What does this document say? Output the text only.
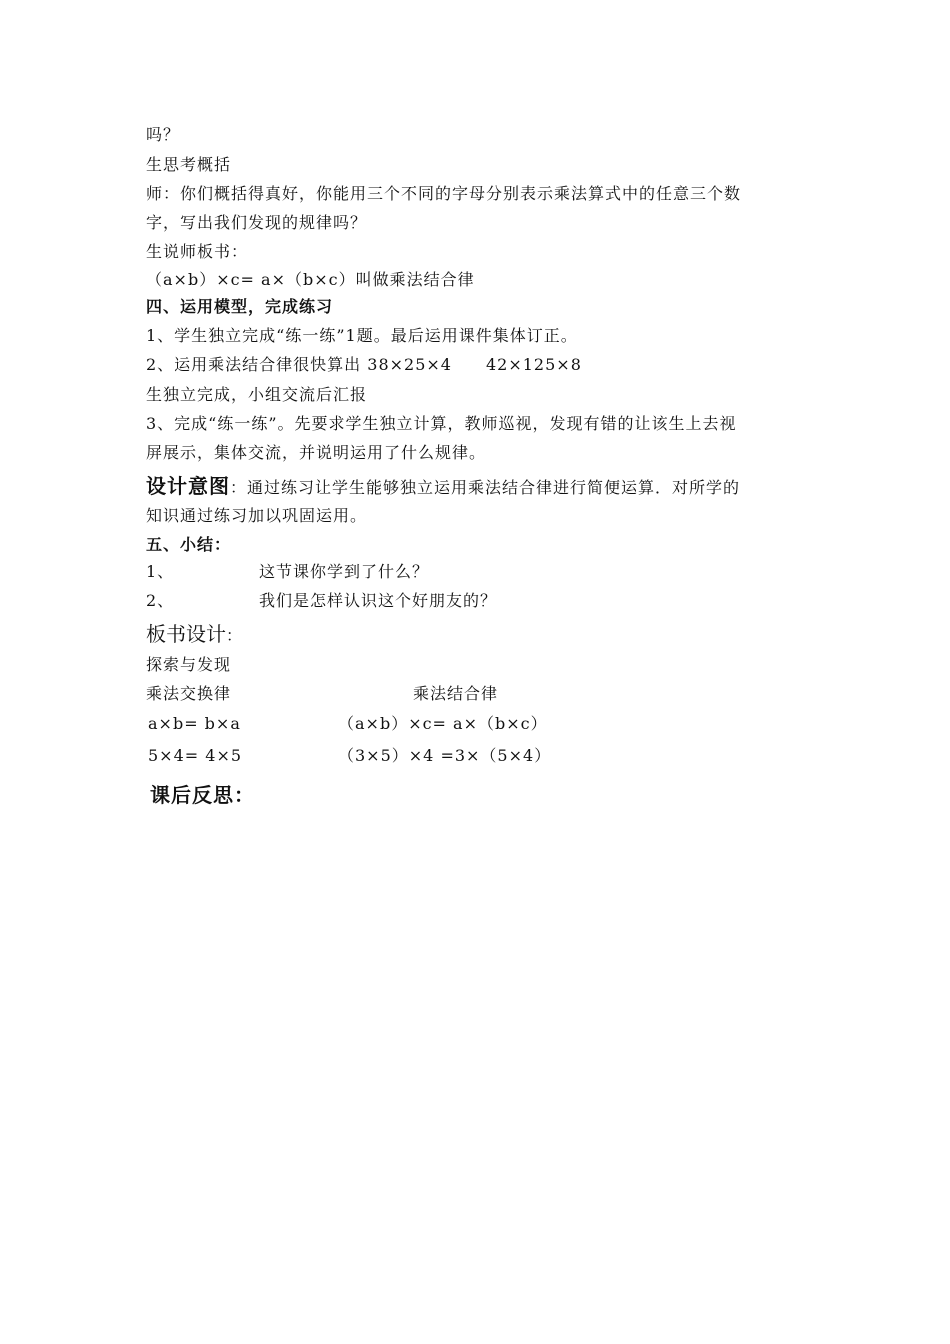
吗？
生思考概括
师：你们概括得真好，你能用三个不同的字母分别表示乘法算式中的任意三个数
字，写出我们发现的规律吗？
生说师板书：
（a×b）×c= a×（b×c）叫做乘法结合律
四、运用模型，完成练习
1、学生独立完成“练一练”1题。最后运用课件集体订正。
2、运用乘法结合律很快算出 38×25×4　　42×125×8
生独立完成，小组交流后汇报
3、完成“练一练”。先要求学生独立计算，教师巡视，发现有错的让该生上去视
屏展示，集体交流，并说明运用了什么规律。
设计意图：通过练习让学生能够独立运用乘法结合律进行简便运算．对所学的
知识通过练习加以巩固运用。
五、小结：
1、	这节课你学到了什么？
2、	我们是怎样认识这个好朋友的？
板书设计：
探索与发现
乘法交换律	乘法结合律
a×b= b×a	（a×b）×c= a×（b×c）
5×4= 4×5	（3×5）×4 =3×（5×4）
课后反思：
